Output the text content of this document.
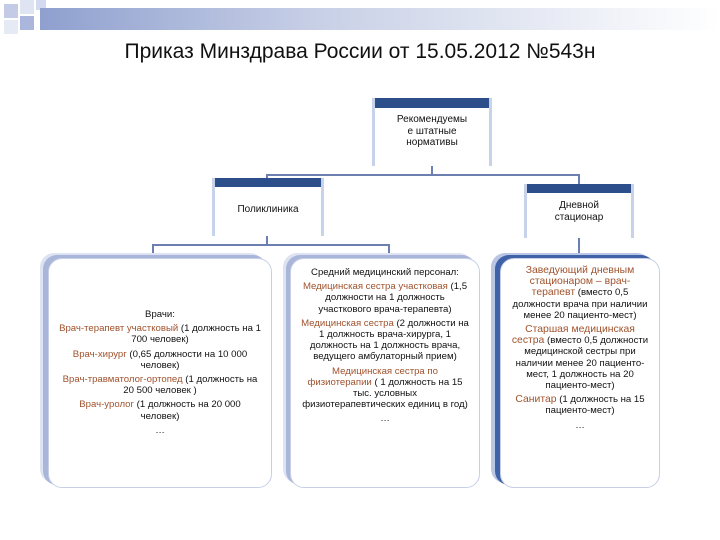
Приказ Минздрава России от 15.05.2012 №543н
Рекомендуемы
е штатные
нормативы
Поликлиника	Дневной
стационар

Врачи:

Врач-терапевт участковый (1 должность на 1 700 человек)

Врач-хирург (0,65 должности на 10 000 человек)

Врач-травматолог-ортопед (1 должность на 20 500 человек )

Врач-уролог (1 должность на 20 000 человек)

…

Средний медицинский персонал:

Медицинская сестра участковая (1,5 должности на 1 должность участкового врача-терапевта)

Медицинская сестра (2 должности на 1 должность врача-хирурга, 1 должность на 1 должность врача, ведущего амбулаторный прием)

Медицинская сестра по физиотерапии ( 1 должность на 15 тыс. условных физиотерапевтических единиц в год)

…

Заведующий дневным стационаром – врач-терапевт (вместо 0,5 должности врача при наличии менее 20 пациенто-мест)

Старшая медицинская сестра (вместо 0,5 должности медицинской сестры при наличии менее 20 пациенто-мест, 1 должность на 20 пациенто-мест)

Санитар (1 должность на 15 пациенто-мест)

…
